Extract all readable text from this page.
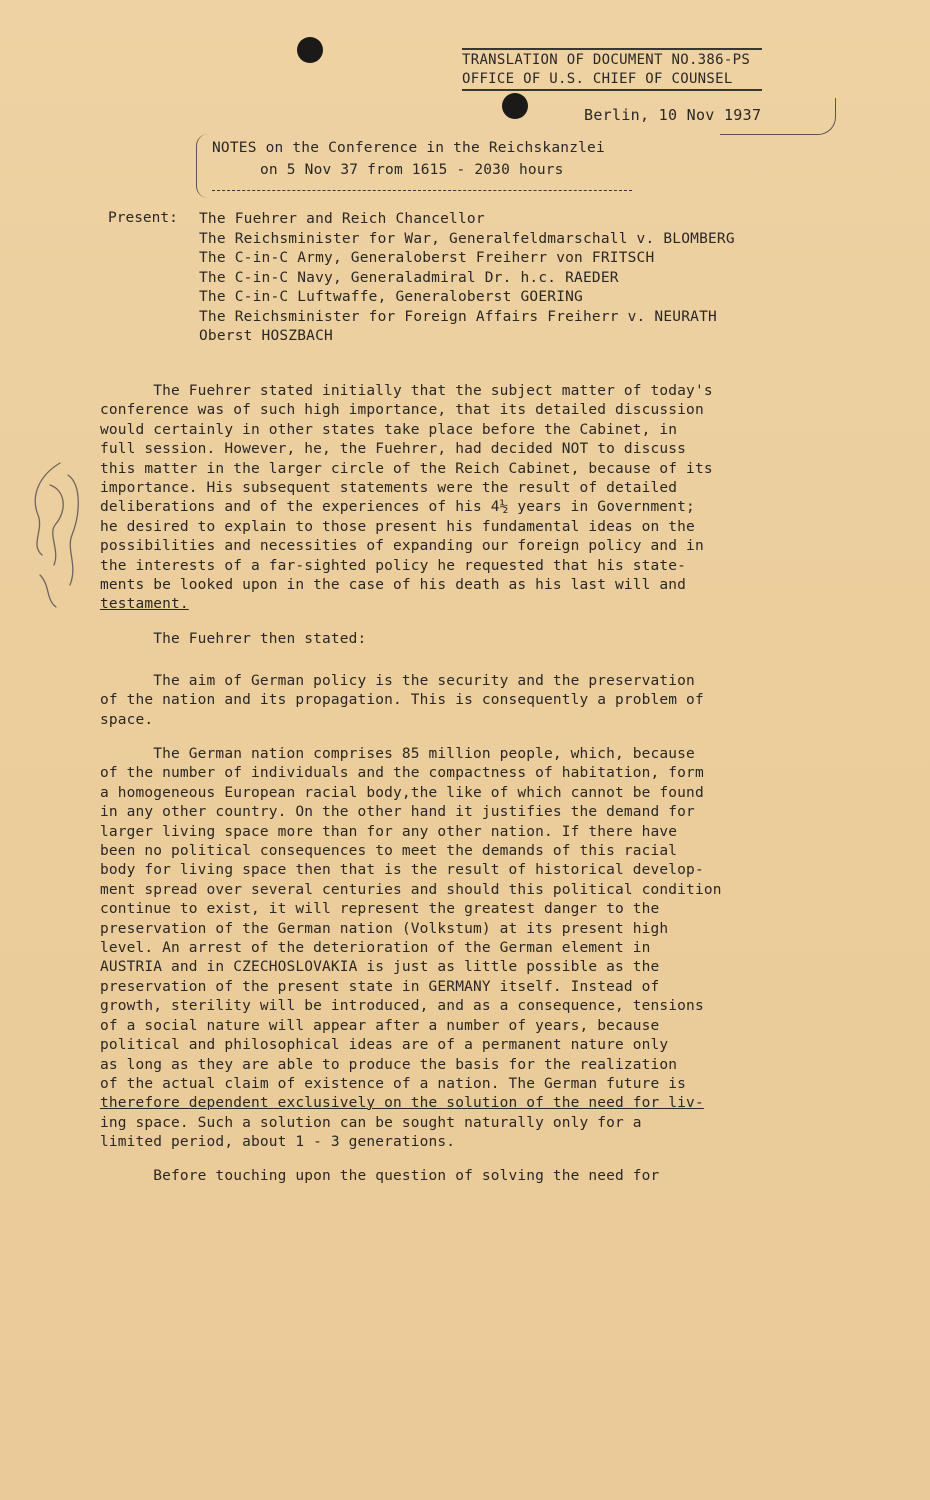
TRANSLATION OF DOCUMENT NO.386-PS
OFFICE OF U.S. CHIEF OF COUNSEL
Berlin, 10 Nov 1937
NOTES on the Conference in the Reichskanzlei
on 5 Nov 37 from 1615 - 2030 hours
Present: The Fuehrer and Reich Chancellor
The Reichsminister for War, Generalfeldmarschall v. BLOMBERG
The C-in-C Army, Generaloberst Freiherr von FRITSCH
The C-in-C Navy, Generaladmiral Dr. h.c. RAEDER
The C-in-C Luftwaffe, Generaloberst GOERING
The Reichsminister for Foreign Affairs Freiherr v. NEURATH
Oberst HOSZBACH
The Fuehrer stated initially that the subject matter of today's
conference was of such high importance, that its detailed discussion
would certainly in other states take place before the Cabinet, in
full session. However, he, the Fuehrer, had decided NOT to discuss
this matter in the larger circle of the Reich Cabinet, because of its
importance. His subsequent statements were the result of detailed
deliberations and of the experiences of his 4½ years in Government;
he desired to explain to those present his fundamental ideas on the
possibilities and necessities of expanding our foreign policy and in
the interests of a far-sighted policy he requested that his state-
ments be looked upon in the case of his death as his last will and
testament.
The Fuehrer then stated:
The aim of German policy is the security and the preservation
of the nation and its propagation. This is consequently a problem of
space.
The German nation comprises 85 million people, which, because
of the number of individuals and the compactness of habitation, form
a homogeneous European racial body,the like of which cannot be found
in any other country. On the other hand it justifies the demand for
larger living space more than for any other nation. If there have
been no political consequences to meet the demands of this racial
body for living space then that is the result of historical develop-
ment spread over several centuries and should this political condition
continue to exist, it will represent the greatest danger to the
preservation of the German nation (Volkstum) at its present high
level. An arrest of the deterioration of the German element in
AUSTRIA and in CZECHOSLOVAKIA is just as little possible as the
preservation of the present state in GERMANY itself. Instead of
growth, sterility will be introduced, and as a consequence, tensions
of a social nature will appear after a number of years, because
political and philosophical ideas are of a permanent nature only
as long as they are able to produce the basis for the realization
of the actual claim of existence of a nation. The German future is
therefore dependent exclusively on the solution of the need for liv-
ing space. Such a solution can be sought naturally only for a
limited period, about 1 - 3 generations.
Before touching upon the question of solving the need for
